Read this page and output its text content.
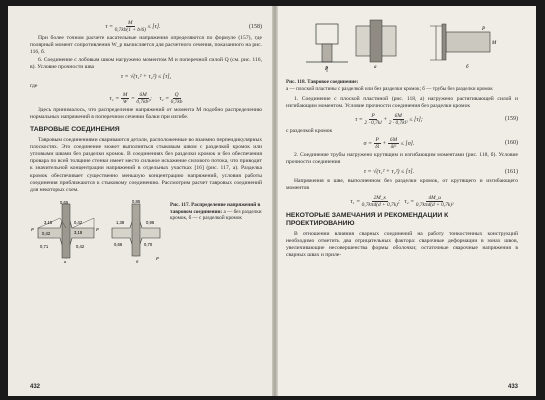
$\tau = \frac{M}{0,7kb(1 + b/6)} \le [\tau]$.	(158)

При более точном расчете касательные напряжения определяются по формуле (157), где полярный момент сопротивления W_p вычисляется для расчетного сечения, показанного на рис. 116, б.

6. Соединение с лобовым швом нагружено моментом M и поперечной силой Q (см. рис. 116, в). Условие прочности шва

τ = √(τ₁² + τ₂²) ≤ [τ],

где

$\tau_1 = \frac{M}{W} = \frac{6M}{\text{0,7kb²}}$ ;     $\tau_2 = \frac{Q}{0,7kb}$

Здесь принималось, что распределение напряжений от момента M подобно распределению нормальных напряжений в поперечном сечении балки при изгибе.

ТАВРОВЫЕ СОЕДИНЕНИЯ

Тавровым соединениями свариваются детали, расположенные во взаимно перпендикулярных плоскостях. Это соединение может выполняться стыковым швом с разделкой кромок или угловыми швами без разделки кромок. В соединениях без разделки кромок и без обеспечения провара по всей толщине стенки имеет место сильное искажение силового потока, что приводит к значительной концентрации напряжений в отдельных участках [16] (рис. 117, а). Разделка кромок обеспечивает существенно меньшую концентрацию напряжений, условия работы соединения приближаются к стыковому соединению. Рассмотрим расчет тавровых соединений для некоторых схем.

0,65
3,15	0,42
3,18
0,42
0,71	0,42
P	P
а
0,85
1,38	0,96
0,66	0,70
б
P
Рис. 117. Распределение напряжений в тавровом соединении: а — без разделки кромок, б — с разделкой кромок
432
P	а
M
б
P
Рис. 118. Тавровое соединение:
а — плоской пластины с разделкой или без разделки кромок; б — трубы без разделки кромок

1. Соединение с плоской пластиной (рис. 118, а) нагружено растягивающей силой и изгибающим моментом. Условие прочности соединения без разделки кромок

$\tau = \frac{P}{2 \cdot 0,7kl} + \frac{6M}{\text{2 · 0,7kl²}} \le [\tau]$;	(159)

с разделкой кромок

$\sigma = \frac{P}{\delta l} + \frac{6M}{\text{δl²}} \le [\sigma]$.	(160)

2. Соединение трубы нагружено крутящим и изгибающим моментами (рис. 118, б). Условие прочности соединения

τ = √(τ₁² + τ₂²) ≤ [τ].	(161)

Напряжения в шве, выполненном без разделки кромок, от крутящего и изгибающего моментов

$\tau_1 = \frac{2M\_к}{\text{0,7kπd(d + 0,7k)}}$ ;   $\tau_2 = \frac{4M\_и}{\text{0,7kπd(d + 0,7k)²}}$
НЕКОТОРЫЕ ЗАМЕЧАНИЯ И РЕКОМЕНДАЦИИ К ПРОЕКТИРОВАНИЮ

В отношении влияния сварных соединений на работу тонкостенных конструкций необходимо отметить два отрицательных фактора: сварочные деформации в зонах швов, увеличивающие несовершенства формы оболочки; остаточные сварочные напряжения в сварных швах и приле-

433
